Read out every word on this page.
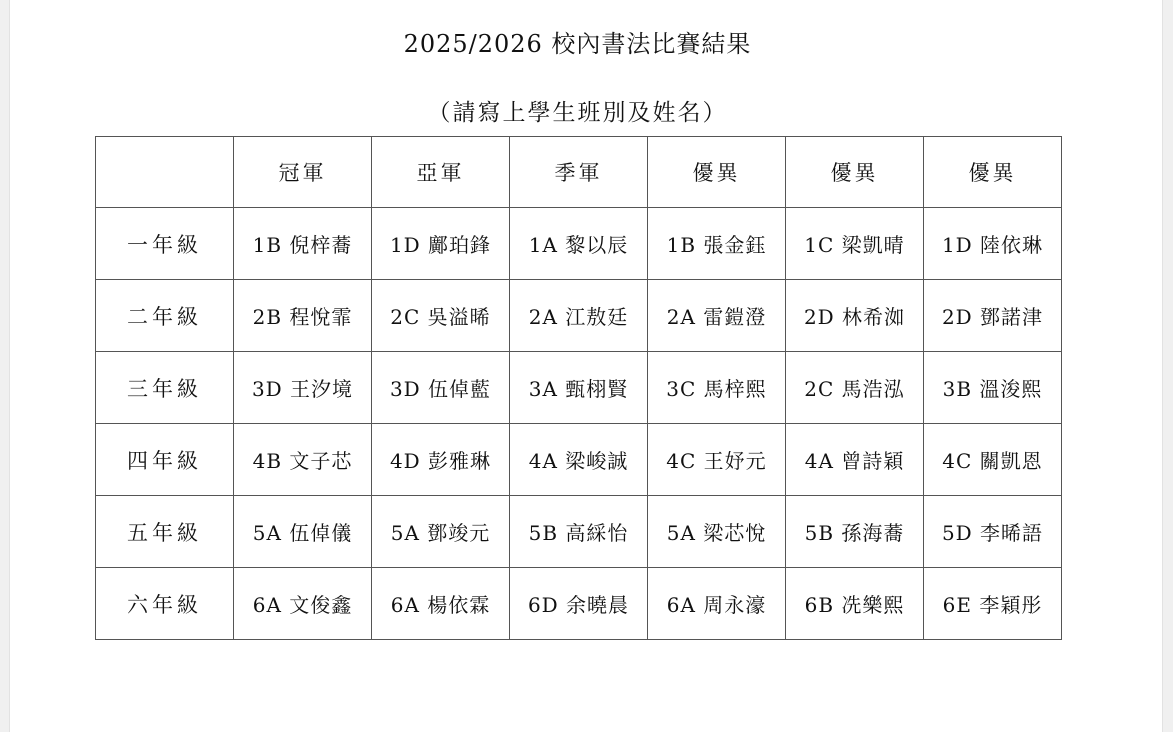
2025/2026 校內書法比賽結果
（請寫上學生班別及姓名）
	冠軍	亞軍	季軍	優異	優異	優異
一年級	1B 倪梓蕎	1D 鄺珀鋒	1A 黎以辰	1B 張金鈺	1C 梁凱晴	1D 陸依琳
二年級	2B 程悅霏	2C 吳溢晞	2A 江敖廷	2A 雷鎧澄	2D 林希洳	2D 鄧諾津
三年級	3D 王汐境	3D 伍倬藍	3A 甄栩賢	3C 馬梓熙	2C 馬浩泓	3B 溫浚熙
四年級	4B 文子芯	4D 彭雅琳	4A 梁峻誠	4C 王妤元	4A 曾詩穎	4C 關凱恩
五年級	5A 伍倬儀	5A 鄧竣元	5B 高綵怡	5A 梁芯悅	5B 孫海蕎	5D 李晞語
六年級	6A 文俊鑫	6A 楊依霖	6D 余曉晨	6A 周永濠	6B 冼樂熙	6E 李穎彤
